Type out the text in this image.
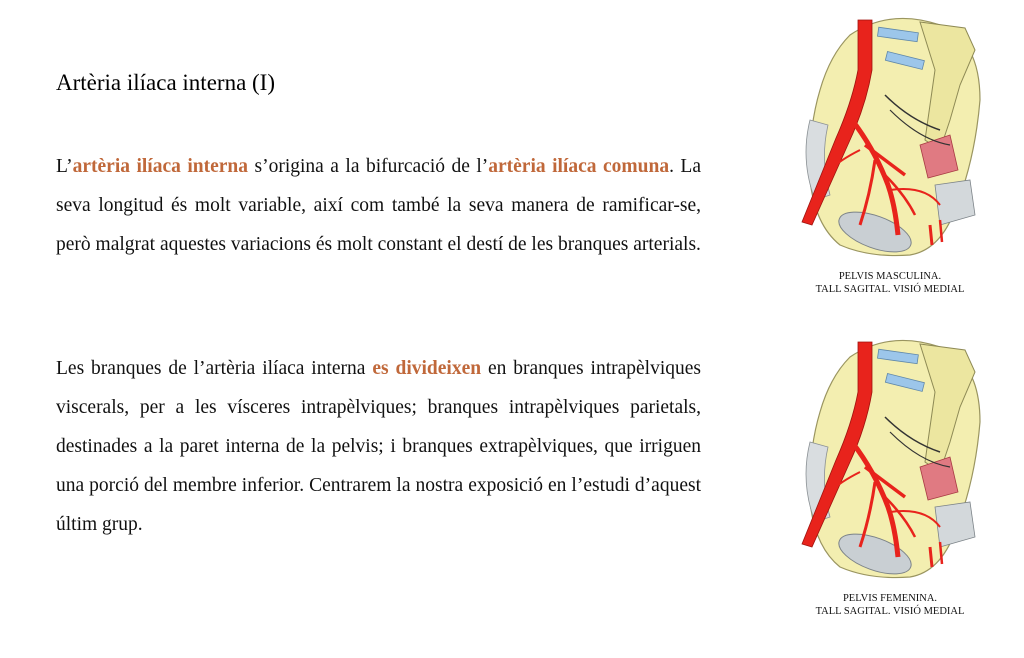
Artèria ilíaca interna (I)

L’artèria ilíaca interna s’origina a la bifurcació de l’artèria ilíaca comuna. La seva longitud és molt variable, així com també la seva manera de ramificar-se, però malgrat aquestes variacions és molt constant el destí de les branques arterials.

Les branques de l’artèria ilíaca interna es divideixen en branques intrapèlviques viscerals, per a les vísceres intrapèlviques; branques intrapèlviques parietals, destinades a la paret interna de la pelvis; i branques extrapèlviques, que irriguen una porció del membre inferior. Centrarem la nostra exposició en l’estudi d’aquest últim grup.

PELVIS MASCULINA.
TALL SAGITAL. VISIÓ MEDIAL
PELVIS FEMENINA.
TALL SAGITAL. VISIÓ MEDIAL
